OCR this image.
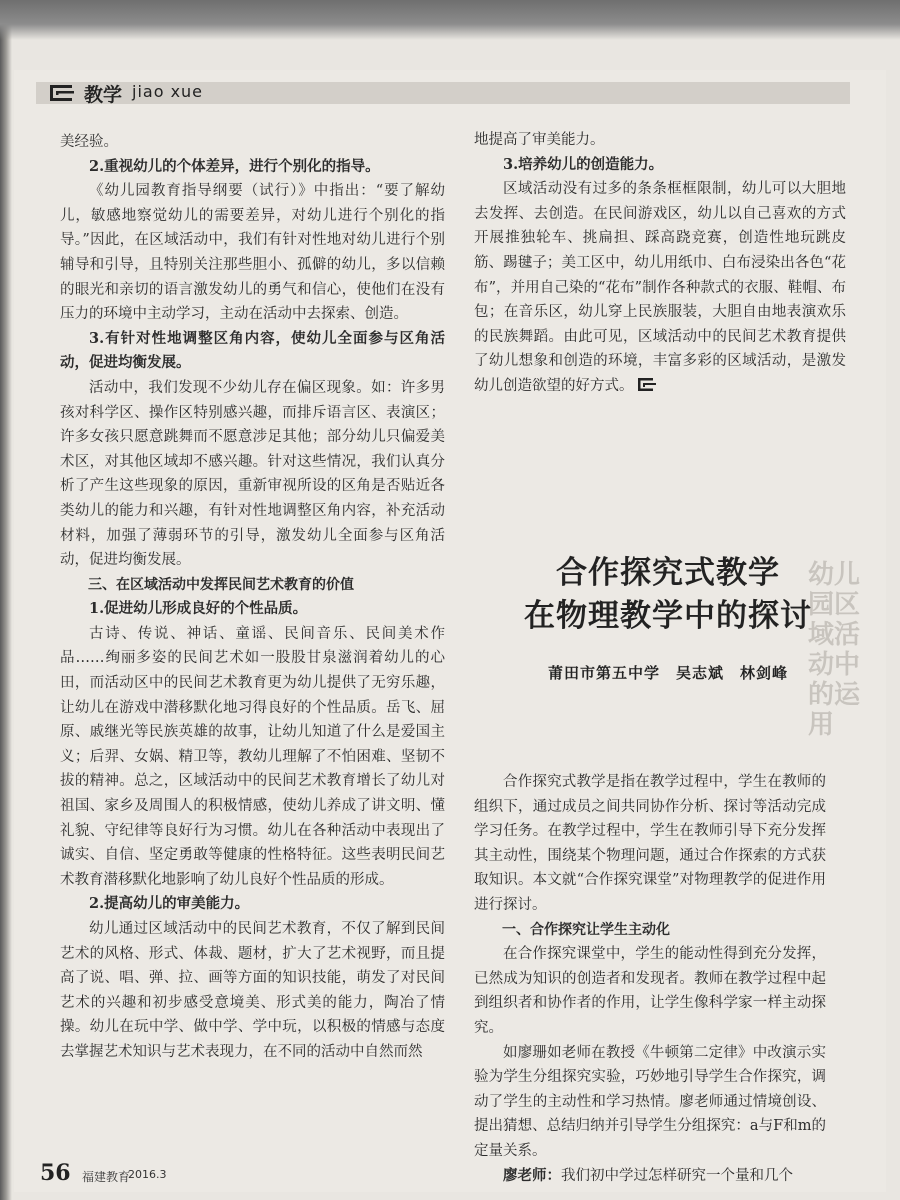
教学 jiao xue

美经验。

2.重视幼儿的个体差异，进行个别化的指导。

《幼儿园教育指导纲要（试行）》中指出：“要了解幼儿，敏感地察觉幼儿的需要差异，对幼儿进行个别化的指导。”因此，在区域活动中，我们有针对性地对幼儿进行个别辅导和引导，且特别关注那些胆小、孤僻的幼儿，多以信赖的眼光和亲切的语言激发幼儿的勇气和信心，使他们在没有压力的环境中主动学习，主动在活动中去探索、创造。

3.有针对性地调整区角内容，使幼儿全面参与区角活动，促进均衡发展。

活动中，我们发现不少幼儿存在偏区现象。如：许多男孩对科学区、操作区特别感兴趣，而排斥语言区、表演区；许多女孩只愿意跳舞而不愿意涉足其他；部分幼儿只偏爱美术区，对其他区域却不感兴趣。针对这些情况，我们认真分析了产生这些现象的原因，重新审视所设的区角是否贴近各类幼儿的能力和兴趣，有针对性地调整区角内容，补充活动材料，加强了薄弱环节的引导，激发幼儿全面参与区角活动，促进均衡发展。

三、在区域活动中发挥民间艺术教育的价值

1.促进幼儿形成良好的个性品质。

古诗、传说、神话、童谣、民间音乐、民间美术作品……绚丽多姿的民间艺术如一股股甘泉滋润着幼儿的心田，而活动区中的民间艺术教育更为幼儿提供了无穷乐趣，让幼儿在游戏中潜移默化地习得良好的个性品质。岳飞、屈原、戚继光等民族英雄的故事，让幼儿知道了什么是爱国主义；后羿、女娲、精卫等，教幼儿理解了不怕困难、坚韧不拔的精神。总之，区域活动中的民间艺术教育增长了幼儿对祖国、家乡及周围人的积极情感，使幼儿养成了讲文明、懂礼貌、守纪律等良好行为习惯。幼儿在各种活动中表现出了诚实、自信、坚定勇敢等健康的性格特征。这些表明民间艺术教育潜移默化地影响了幼儿良好个性品质的形成。

2.提高幼儿的审美能力。

幼儿通过区域活动中的民间艺术教育，不仅了解到民间艺术的风格、形式、体裁、题材，扩大了艺术视野，而且提高了说、唱、弹、拉、画等方面的知识技能，萌发了对民间艺术的兴趣和初步感受意境美、形式美的能力，陶冶了情操。幼儿在玩中学、做中学、学中玩，以积极的情感与态度去掌握艺术知识与艺术表现力，在不同的活动中自然而然

地提高了审美能力。

3.培养幼儿的创造能力。

区域活动没有过多的条条框框限制，幼儿可以大胆地去发挥、去创造。在民间游戏区，幼儿以自己喜欢的方式开展推独轮车、挑扁担、踩高跷竞赛，创造性地玩跳皮筋、踢毽子；美工区中，幼儿用纸巾、白布浸染出各色“花布”，并用自己染的“花布”制作各种款式的衣服、鞋帽、布包；在音乐区，幼儿穿上民族服装，大胆自由地表演欢乐的民族舞蹈。由此可见，区域活动中的民间艺术教育提供了幼儿想象和创造的环境，丰富多彩的区域活动，是激发幼儿创造欲望的好方式。

幼儿园区域活动中的运用
合作探究式教学
在物理教学中的探讨
莆田市第五中学　吴志斌　林剑峰

合作探究式教学是指在教学过程中，学生在教师的组织下，通过成员之间共同协作分析、探讨等活动完成学习任务。在教学过程中，学生在教师引导下充分发挥其主动性，围绕某个物理问题，通过合作探索的方式获取知识。本文就“合作探究课堂”对物理教学的促进作用进行探讨。

一、合作探究让学生主动化

在合作探究课堂中，学生的能动性得到充分发挥，已然成为知识的创造者和发现者。教师在教学过程中起到组织者和协作者的作用，让学生像科学家一样主动探究。

如廖珊如老师在教授《牛顿第二定律》中改演示实验为学生分组探究实验，巧妙地引导学生合作探究，调动了学生的主动性和学习热情。廖老师通过情境创设、提出猜想、总结归纳并引导学生分组探究：a与F和m的定量关系。

廖老师：我们初中学过怎样研究一个量和几个

56 福建教育
2016.3
